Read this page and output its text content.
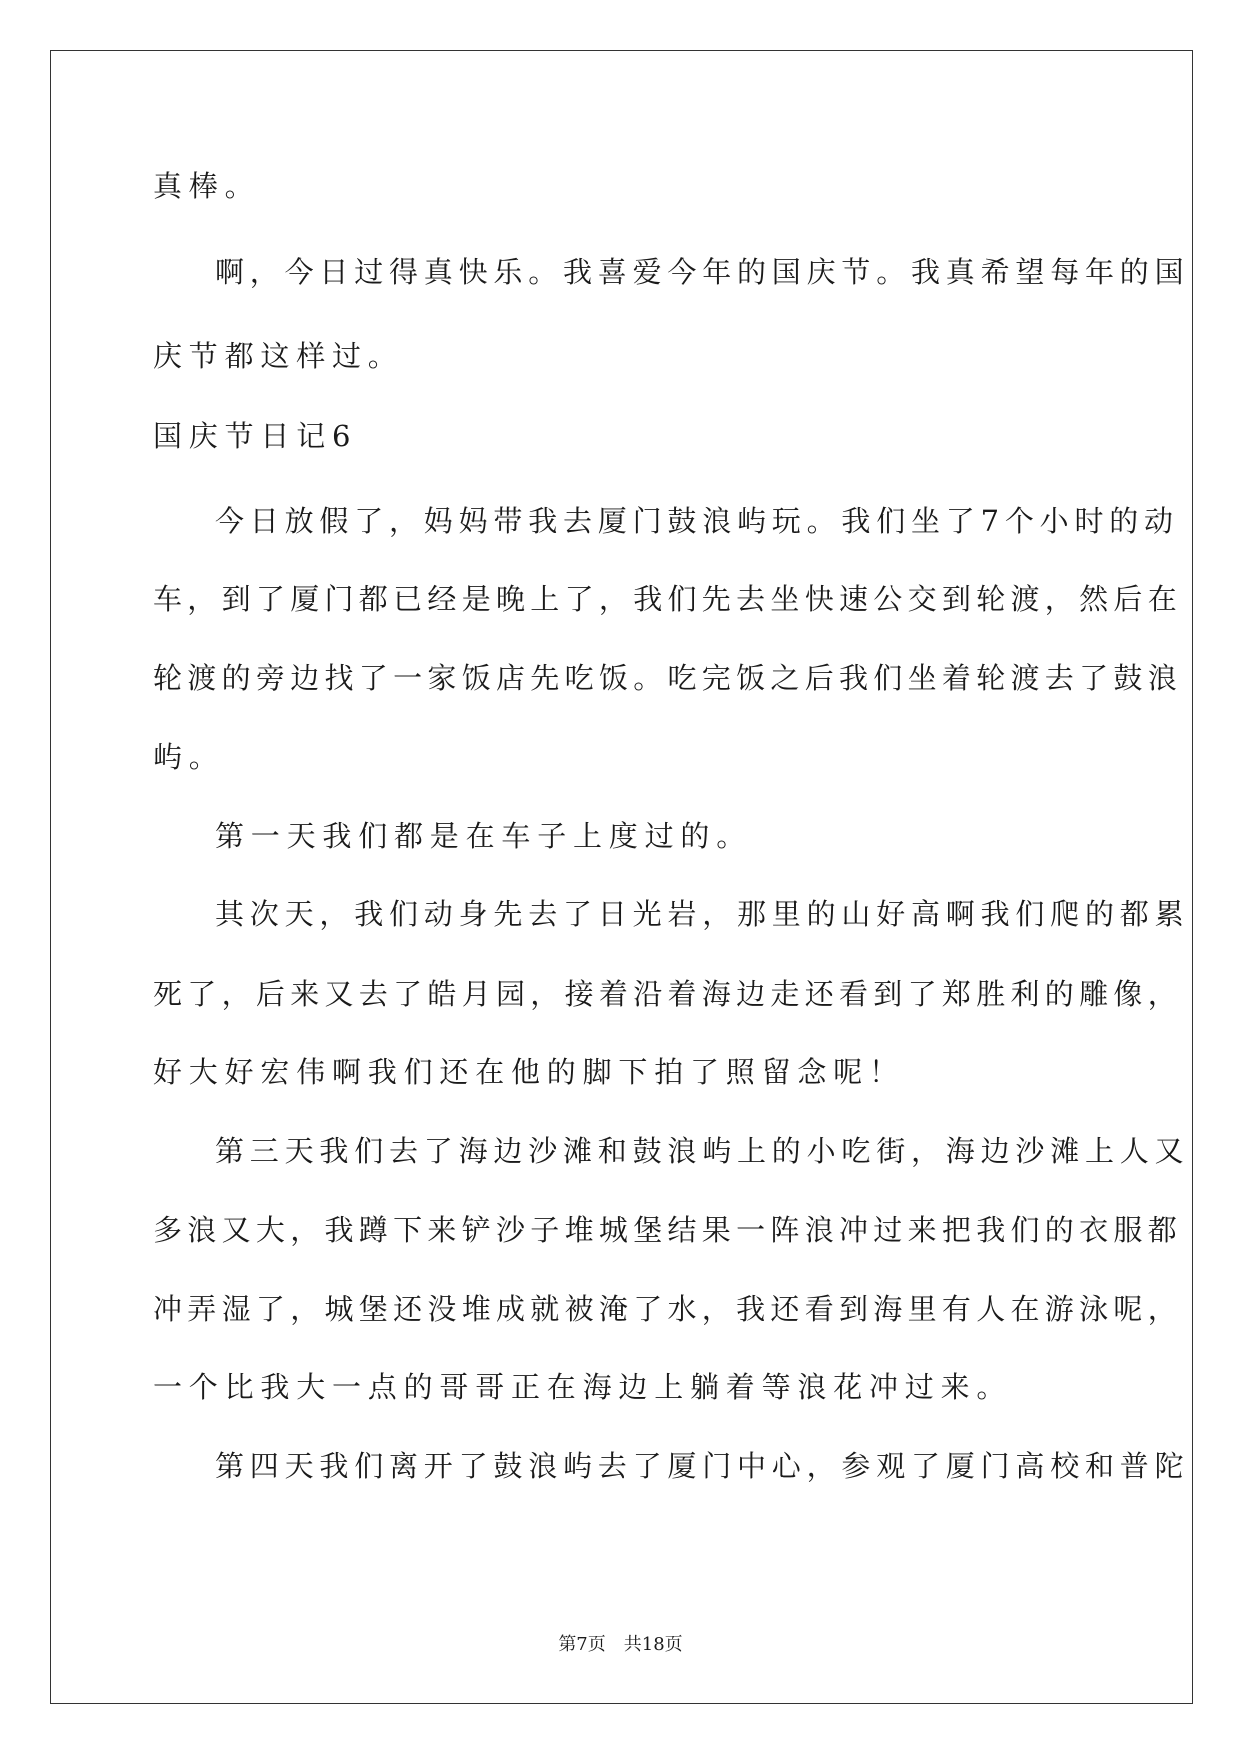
真棒。
啊，今日过得真快乐。我喜爱今年的国庆节。我真希望每年的国
庆节都这样过。
国庆节日记6
今日放假了，妈妈带我去厦门鼓浪屿玩。我们坐了7个小时的动
车，到了厦门都已经是晚上了，我们先去坐快速公交到轮渡，然后在
轮渡的旁边找了一家饭店先吃饭。吃完饭之后我们坐着轮渡去了鼓浪
屿。
第一天我们都是在车子上度过的。
其次天，我们动身先去了日光岩，那里的山好高啊我们爬的都累
死了，后来又去了皓月园，接着沿着海边走还看到了郑胜利的雕像，
好大好宏伟啊我们还在他的脚下拍了照留念呢！
第三天我们去了海边沙滩和鼓浪屿上的小吃街，海边沙滩上人又
多浪又大，我蹲下来铲沙子堆城堡结果一阵浪冲过来把我们的衣服都
冲弄湿了，城堡还没堆成就被淹了水，我还看到海里有人在游泳呢，
一个比我大一点的哥哥正在海边上躺着等浪花冲过来。
第四天我们离开了鼓浪屿去了厦门中心，参观了厦门高校和普陀
第7页　共18页
